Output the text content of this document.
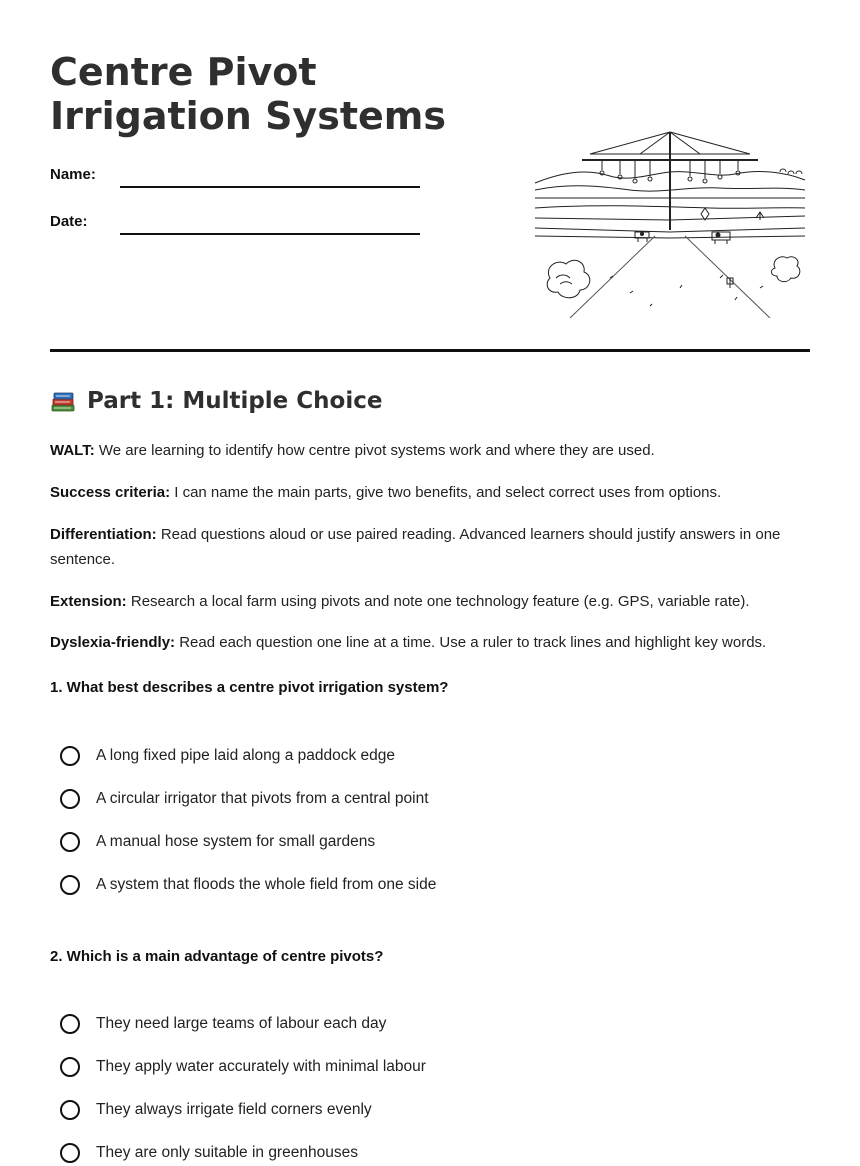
Centre Pivot Irrigation Systems
Name:
Date:
Part 1: Multiple Choice
WALT: We are learning to identify how centre pivot systems work and where they are used.
Success criteria: I can name the main parts, give two benefits, and select correct uses from options.
Differentiation: Read questions aloud or use paired reading. Advanced learners should justify answers in one sentence.
Extension: Research a local farm using pivots and note one technology feature (e.g. GPS, variable rate).
Dyslexia-friendly: Read each question one line at a time. Use a ruler to track lines and highlight key words.
1. What best describes a centre pivot irrigation system?
A long fixed pipe laid along a paddock edge
A circular irrigator that pivots from a central point
A manual hose system for small gardens
A system that floods the whole field from one side
2. Which is a main advantage of centre pivots?
They need large teams of labour each day
They apply water accurately with minimal labour
They always irrigate field corners evenly
They are only suitable in greenhouses
